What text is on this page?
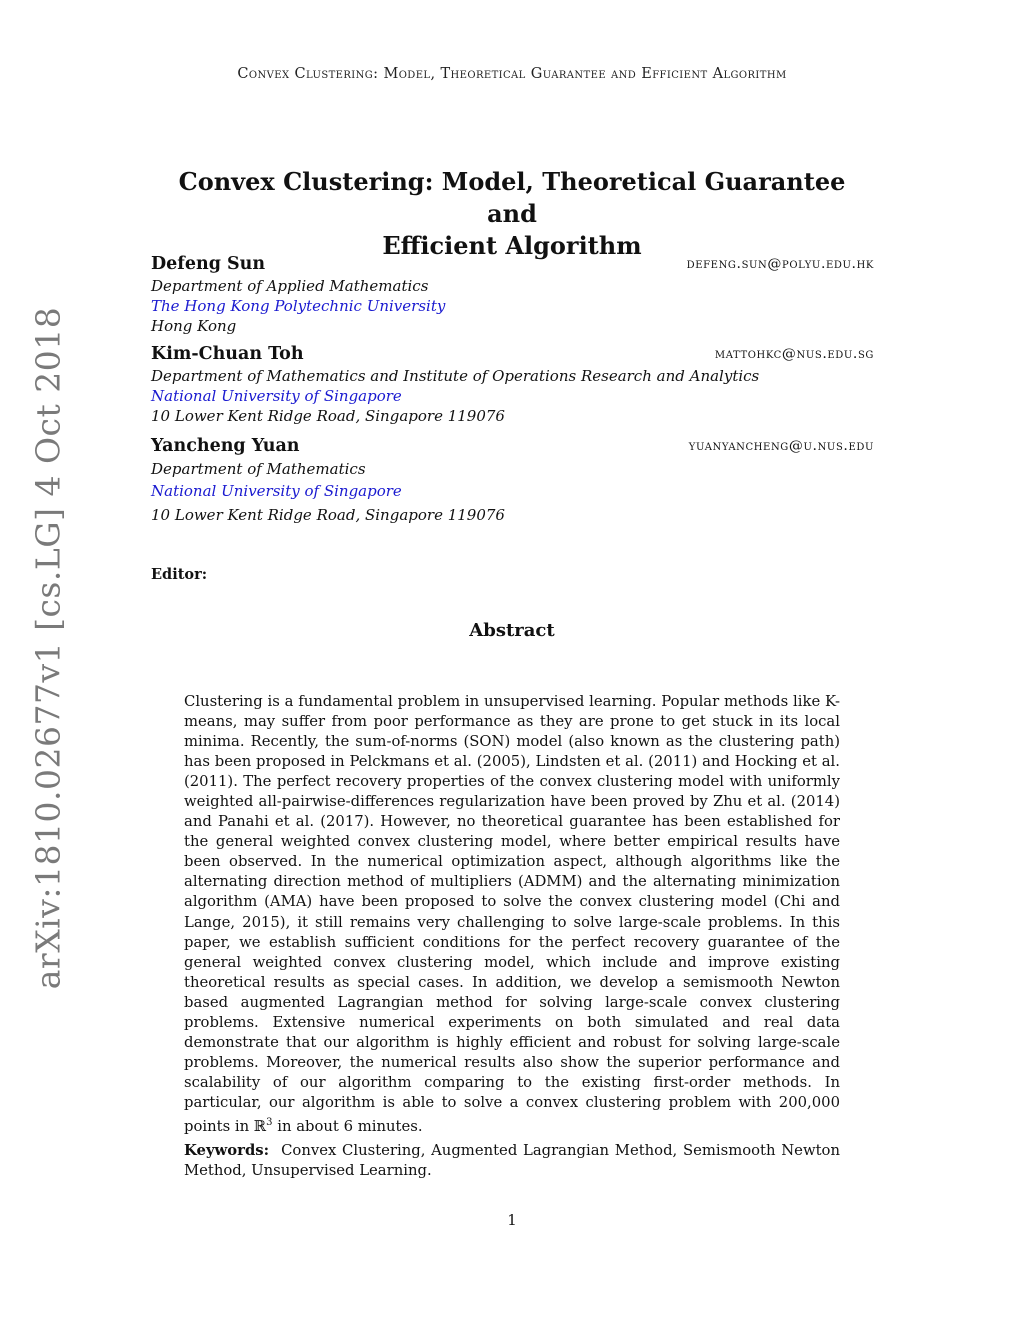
Convex Clustering: Model, Theoretical Guarantee and Efficient Algorithm
Convex Clustering: Model, Theoretical Guarantee and
Efficient Algorithm
Defeng Sun	defeng.sun@polyu.edu.hk
Department of Applied Mathematics
The Hong Kong Polytechnic University
Hong Kong
Kim-Chuan Toh	mattohkc@nus.edu.sg
Department of Mathematics and Institute of Operations Research and Analytics
National University of Singapore
10 Lower Kent Ridge Road, Singapore 119076
Yancheng Yuan	yuanyancheng@u.nus.edu
Department of Mathematics
National University of Singapore
10 Lower Kent Ridge Road, Singapore 119076
Editor:
Abstract

Clustering is a fundamental problem in unsupervised learning. Popular methods like K-means, may suffer from poor performance as they are prone to get stuck in its local minima. Recently, the sum-of-norms (SON) model (also known as the clustering path) has been proposed in Pelckmans et al. (2005), Lindsten et al. (2011) and Hocking et al. (2011). The perfect recovery properties of the convex clustering model with uniformly weighted all-pairwise-differences regularization have been proved by Zhu et al. (2014) and Panahi et al. (2017). However, no theoretical guarantee has been established for the general weighted convex clustering model, where better empirical results have been observed. In the numerical optimization aspect, although algorithms like the alternating direction method of multipliers (ADMM) and the alternating minimization algorithm (AMA) have been proposed to solve the convex clustering model (Chi and Lange, 2015), it still remains very challenging to solve large-scale problems. In this paper, we establish sufficient conditions for the perfect recovery guarantee of the general weighted convex clustering model, which include and improve existing theoretical results as special cases. In addition, we develop a semismooth Newton based augmented Lagrangian method for solving large-scale convex clustering problems. Extensive numerical experiments on both simulated and real data demonstrate that our algorithm is highly efficient and robust for solving large-scale problems. Moreover, the numerical results also show the superior performance and scalability of our algorithm comparing to the existing first-order methods. In particular, our algorithm is able to solve a convex clustering problem with 200,000 points in ℝ$^3$ in about 6 minutes.

Keywords: Convex Clustering, Augmented Lagrangian Method, Semismooth Newton Method, Unsupervised Learning.

1
arXiv:1810.02677v1 [cs.LG] 4 Oct 2018
